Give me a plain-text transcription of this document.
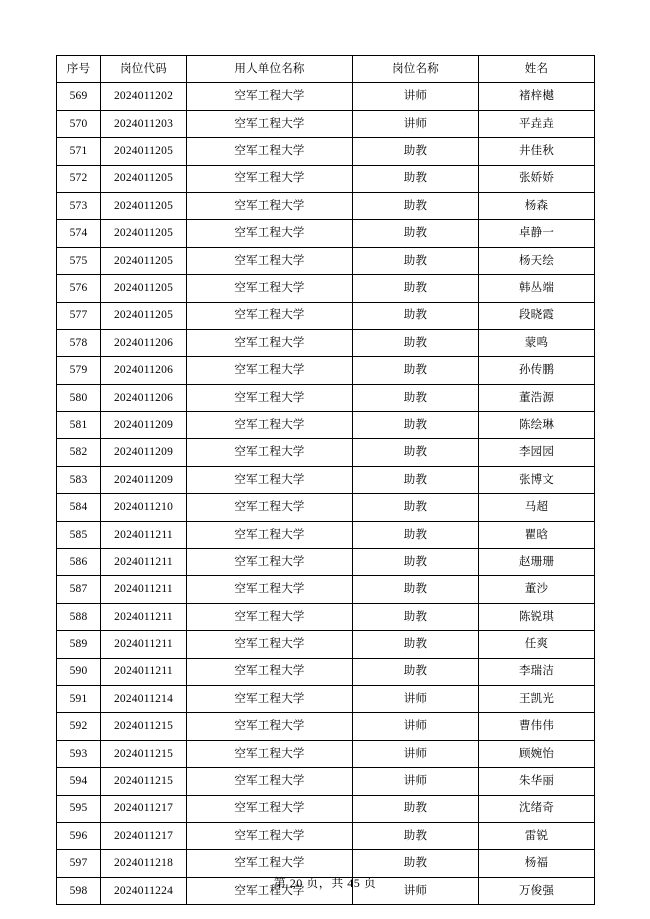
序号	岗位代码	用人单位名称	岗位名称	姓名
569	2024011202	空军工程大学	讲师	褚梓樾
570	2024011203	空军工程大学	讲师	平垚垚
571	2024011205	空军工程大学	助教	井佳秋
572	2024011205	空军工程大学	助教	张娇娇
573	2024011205	空军工程大学	助教	杨森
574	2024011205	空军工程大学	助教	卓静一
575	2024011205	空军工程大学	助教	杨天绘
576	2024011205	空军工程大学	助教	韩丛端
577	2024011205	空军工程大学	助教	段晓霞
578	2024011206	空军工程大学	助教	蒙鸣
579	2024011206	空军工程大学	助教	孙传鹏
580	2024011206	空军工程大学	助教	董浩源
581	2024011209	空军工程大学	助教	陈绘琳
582	2024011209	空军工程大学	助教	李园园
583	2024011209	空军工程大学	助教	张博文
584	2024011210	空军工程大学	助教	马超
585	2024011211	空军工程大学	助教	瞿晗
586	2024011211	空军工程大学	助教	赵珊珊
587	2024011211	空军工程大学	助教	董沙
588	2024011211	空军工程大学	助教	陈锐琪
589	2024011211	空军工程大学	助教	任爽
590	2024011211	空军工程大学	助教	李瑞洁
591	2024011214	空军工程大学	讲师	王凯光
592	2024011215	空军工程大学	讲师	曹伟伟
593	2024011215	空军工程大学	讲师	顾婉怡
594	2024011215	空军工程大学	讲师	朱华丽
595	2024011217	空军工程大学	助教	沈绪奇
596	2024011217	空军工程大学	助教	雷锐
597	2024011218	空军工程大学	助教	杨福
598	2024011224	空军工程大学	讲师	万俊强
第 20 页，共 45 页
